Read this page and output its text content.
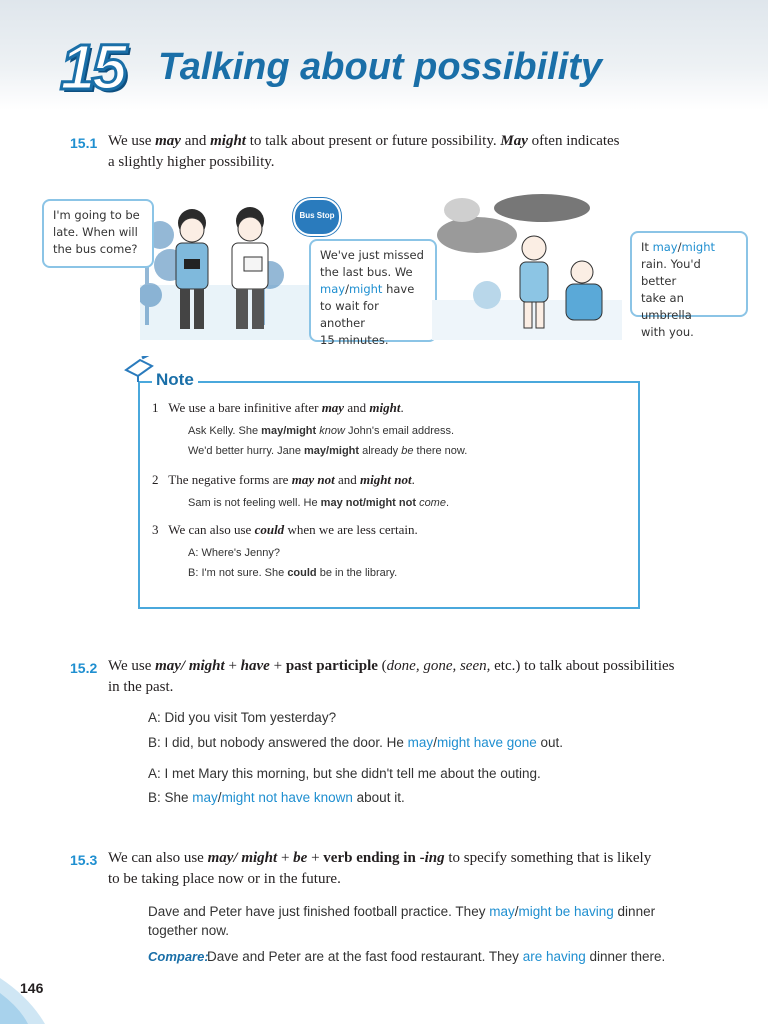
15 Talking about possibility
15.1 We use may and might to talk about present or future possibility. May often indicates
a slightly higher possibility.
Bus Stop
I'm going to be
late. When will
the bus come?	We've just missed
the last bus. We
may/might have
to wait for another
15 minutes.
It may/might
rain. You'd better
take an umbrella
with you.
Note
1 We use a bare infinitive after may and might.
Ask Kelly. She may/might know John's email address.
We'd better hurry. Jane may/might already be there now.
2 The negative forms are may not and might not.
Sam is not feeling well. He may not/might not come.
3 We can also use could when we are less certain.
A: Where's Jenny?
B: I'm not sure. She could be in the library.
15.2 We use may/ might + have + past participle (done, gone, seen, etc.) to talk about possibilities
in the past.
A: Did you visit Tom yesterday?
B: I did, but nobody answered the door. He may/might have gone out.
A: I met Mary this morning, but she didn't tell me about the outing.
B: She may/might not have known about it.
15.3 We can also use may/ might + be + verb ending in -ing to specify something that is likely
to be taking place now or in the future.
Dave and Peter have just finished football practice. They may/might be having dinner
together now.
Compare:
Dave and Peter are at the fast food restaurant. They are having dinner there.
146
